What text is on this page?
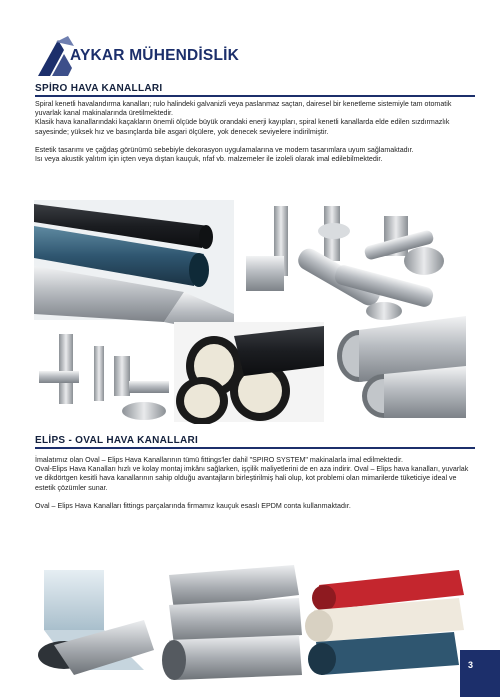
AYKAR MÜHENDİSLİK
SPİRO HAVA KANALLARI

Spiral kenetli havalandırma kanalları; rulo halindeki galvanizli veya paslanmaz saçtan, dairesel bir kenetleme sistemiyle tam otomatik yuvarlak kanal makinalarında üretilmektedir.

Klasik hava kanallarındaki kaçakların önemli ölçüde büyük orandaki enerji kayıpları, spiral kenetli kanallarda elde edilen sızdırmazlık sayesinde; yüksek hız ve basınçlarda bile asgari ölçülere, yok denecek seviyelere indirilmiştir.

Estetik tasarımı ve çağdaş görünümü sebebiyle dekorasyon uygulamalarına ve modern tasarımlara uyum sağlamaktadır.

Isı veya akustik yalıtım için içten veya dıştan kauçuk, nfaf vb. malzemeler ile izoleli olarak imal edilebilmektedir.

ELİPS - OVAL HAVA KANALLARI

İmalatımız olan Oval – Elips Hava Kanallarının tümü fittings'ler dahil "SPIRO SYSTEM" makinalarla imal edilmektedir.

Oval-Elips Hava Kanalları hızlı ve kolay montaj imkânı sağlarken, işçilik maliyetlerini de en aza indirir. Oval – Elips hava kanalları, yuvarlak ve dikdörtgen kesitli hava kanallarının sahip olduğu avantajların birleştirilmiş hali olup, kot problemi olan mimarilerde tüketiciye ideal ve estetik çözümler sunar.

Oval – Elips Hava Kanalları fittings parçalarında firmamız kauçuk esaslı EPDM conta kullanmaktadır.

3
